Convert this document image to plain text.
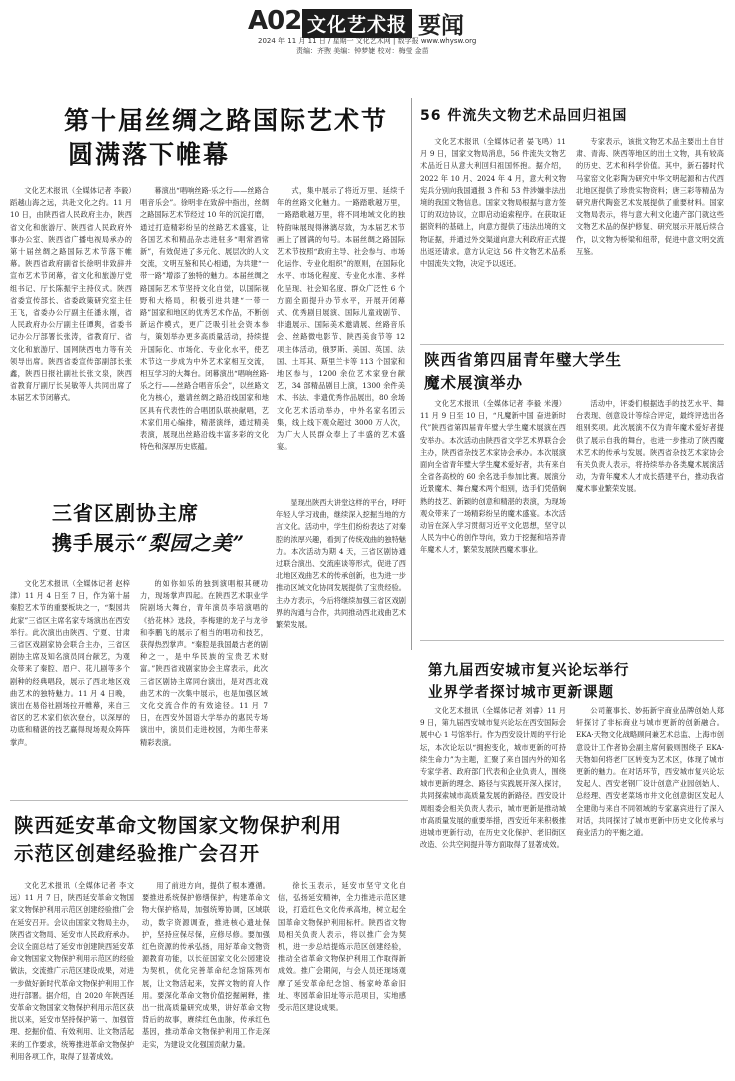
A02 文化艺术报 要闻
2024 年 11 月 11 日 / 星期一 文化艺术网 | 数字报 www.whysw.org
责编：齐煦 美编：钟梦婕 校对：梅莹 金苗
第十届丝绸之路国际艺术节
圆满落下帷幕

文化艺术报讯（全媒体记者 李毅）蹈越山海之远，共赴文化之约。11 月 10 日，由陕西省人民政府主办，陕西省文化和旅游厅、陕西省人民政府外事办公室、陕西省广播电视局承办的第十届丝绸之路国际艺术节落下帷幕。陕西省政府副省长徐明非致辞并宣布艺术节闭幕，省文化和旅游厅党组书记、厅长陈振宇主持仪式。陕西省委宣传部长、省委政策研究室主任王飞，省委办公厅副主任潘永刚，省人民政府办公厅副主任谭舆，省委书记办公厅部署长张涛，省教育厅、省文化和旅游厅、国网陕西电力等有关领导出席。陕西省委宣传部副部长张鑫，陕西日报社副社长张文泉，陕西省教育厅副厅长吴敏等人共同出席了本届艺术节闭幕式。

幕演出“唱响丝路·乐之行——丝路合唱音乐会”。徐明非在致辞中指出，丝绸之路国际艺术节经过 10 年的沉淀打磨，通过打造精彩纷呈的丝路艺术盛宴，让各国艺术和精品杂志进驻多“唱常酒常新”，有效促进了多元化、展层次的人文交流，文明互鉴和民心相通，为共建“一带一路”增添了独特的魅力。本届丝绸之路国际艺术节坚持文化自觉，以国际视野和大格局，积极引进共建“一带一路”国家和地区的优秀艺术作品，不断创新运作模式，更广泛吸引社会资本参与，策划举办更多高质量活动，持续提升国际化、市场化、专业化水平，使艺术节这一步成为中外艺术家相互交流，相互学习的大舞台。闭幕演出“唱响丝路·乐之行——丝路合唱音乐会”，以丝路文化为核心，邀请丝绸之路沿线国家和地区具有代表性的合唱团队联袂献唱，艺术家们用心编排，精湛演绎，通过精美表演，展现出丝路沿线丰富多彩的文化特色和深厚历史底蕴。

式，集中展示了将近万里、延续千年的丝路文化魅力。一路踏歌越万里，一路踏歌越万里，将不同地域文化的独特韵味展现得淋漓尽致，为本届艺术节画上了圆满的句号。本届丝绸之路国际艺术节按照“政府主导、社会参与、市场化运作、专业化组织”的原则，在国际化水平、市场化程度、专业化水准、多样化呈现、社会知名度、群众广泛性 6 个方面全面提升办节水平，开展开闭幕式、优秀剧目展演、国际儿童戏剧节、非遗展示、国际美术邀请展、丝路音乐会、丝路微电影节、陕西美食节等 12 项主体活动，俄罗斯、美国、英国、法国、土耳其、斯里兰卡等 113 个国家和地区参与，1200 余位艺术家登台献艺，34 部精品剧目上演，1300 余件美术、书法、非遗优秀作品展出，80 余场文化艺术活动举办，中外名家名团云集，线上线下观众超过 3000 万人次，为广大人民群众奉上了丰盛的艺术盛宴。

56 件流失文物艺术品回归祖国

文化艺术报讯（全媒体记者 晏飞鸣）11 月 9 日，国家文物局消息，56 件流失文物艺术品近日从意大利回归祖国怀抱。据介绍，2022 年 10 月、2024 年 4 月，意大利文物宪兵分别向我国通报 3 件和 53 件涉嫌非法出境的我国文物信息。国家文物局根据与意方签订的双边协议，立即启动追索程序。在获取证据资料的基础上，向意方提供了违法出境的文物证据，并通过外交渠道向意大利政府正式提出返还请求。意方认定这 56 件文物艺术品系中国流失文物，决定予以返还。

专家表示，该批文物艺术品主要出土自甘肃、青海、陕西等地区的出土文物，具有较高的历史、艺术和科学价值。其中，新石器时代马家窑文化彩陶为研究中华文明起源和古代西北地区提供了珍贵实物资料；唐三彩等精品为研究唐代陶瓷艺术发展提供了重要材料。国家文物局表示，将与意大利文化遗产部门就这些文物艺术品的保护修复、研究展示开展后续合作，以文物为桥梁和纽带，促进中意文明交流互鉴。

陕西省第四届青年璧大学生
魔术展演举办

文化艺术报讯（全媒体记者 李毅 米漫）11 月 9 日至 10 日，“凡魔新中国 奋进新时代”陕西省第四届青年璧大学生魔术展演在西安举办。本次活动由陕西省文学艺术界联合会主办，陕西省杂技艺术家协会承办。本次展演面向全省青年璧大学生魔术爱好者，共有来自全省各高校的 60 余名选手参加比赛。展演分近景魔术、舞台魔术两个组别，选手们凭借娴熟的技艺、新颖的创意和精湛的表演，为现场观众带来了一场精彩纷呈的魔术盛宴。本次活动旨在深入学习贯彻习近平文化思想，坚守以人民为中心的创作导向，致力于挖掘和培养青年魔术人才，繁荣发展陕西魔术事业。

活动中，评委们根据选手的技艺水平、舞台表现、创意设计等综合评定，最终评选出各组别奖项。此次展演不仅为青年魔术爱好者提供了展示自我的舞台，也进一步推动了陕西魔术艺术的传承与发展。陕西省杂技艺术家协会有关负责人表示，将持续举办各类魔术展演活动，为青年魔术人才成长搭建平台，推动我省魔术事业繁荣发展。

三省区剧协主席
携手展示“梨园之美”

文化艺术报讯（全媒体记者 赵梓津）11 月 4 日至 7 日，作为第十届秦腔艺术节的重要板块之一，“梨园共此家”三省区主席名家专场演出在西安举行。此次演出由陕西、宁夏、甘肃三省区戏剧家协会联合主办，三省区剧协主席及知名演员同台献艺，为观众带来了秦腔、眉户、花儿剧等多个剧种的经典唱段，展示了西北地区戏曲艺术的独特魅力。11 月 4 日晚，演出在易俗社剧场拉开帷幕，来自三省区的艺术家们依次登台，以深厚的功底和精湛的技艺赢得现场观众阵阵掌声。

的如你如乐的独到演唱根其硬功力，现场掌声四起。在陕西艺术职业学院剧场大舞台，青年演员李培演唱的《拾花林》选段，李梅建的龙子与龙爷和李鹏飞的展示了相当的唱功和技艺，获得热烈掌声。“秦腔是我国最古老的剧种之一，是中华民族的宝贵艺术财富。”陕西省戏剧家协会主席表示，此次三省区剧协主席同台演出，是对西北戏曲艺术的一次集中展示，也是加强区域文化交流合作的有效途径。11 月 7 日，在西安外国语大学举办的惠民专场演出中，演员们走进校园，为师生带来精彩表演。

显现出陕西大讲堂这样的平台，呼吁年轻人学习戏曲，继续深入挖掘当地的方言文化。活动中，学生们纷纷表达了对秦腔的浓厚兴趣，看到了传统戏曲的独特魅力。本次活动为期 4 天，三省区剧协通过联合演出、交流座谈等形式，促进了西北地区戏曲艺术的传承创新，也为进一步推动区域文化协同发展提供了宝贵经验。主办方表示，今后将继续加强三省区戏剧界的沟通与合作，共同推动西北戏曲艺术繁荣发展。

第九届西安城市复兴论坛举行
业界学者探讨城市更新课题

文化艺术报讯（全媒体记者 刘睿）11 月 9 日，第九届西安城市复兴论坛在西安国际会展中心 1 号馆举行。作为西安设计周的平行论坛，本次论坛以“拥抱变化，城市更新的可持续生命力”为主题，汇聚了来自国内外的知名专家学者、政府部门代表和企业负责人，围绕城市更新的理念、路径与实践展开深入探讨，共同探索城市高质量发展的新路径。西安设计周组委会相关负责人表示，城市更新是推动城市高质量发展的重要举措，西安近年来积极推进城市更新行动，在历史文化保护、老旧街区改造、公共空间提升等方面取得了显著成效。

公司董事长、妙拓新宇商业品牌创始人郑轩探讨了非标商业与城市更新的创新融合。EKA·天物文化战略顾问兼艺术总监、上海市创意设计工作者协会副主席何毅则围绕子 EKA·天物如何将老厂区转变为艺术区，体现了城市更新的魅力。在对话环节，西安城市复兴论坛发起人、西安老钢厂设计创意产业园创始人、总经理、西安老菜场市井文化创意街区发起人全建勋与来自不同领域的专家嘉宾进行了深入对话，共同探讨了城市更新中历史文化传承与商业活力的平衡之道。

陕西延安革命文物国家文物保护利用
示范区创建经验推广会召开

文化艺术报讯（全媒体记者 李文远）11 月 7 日，陕西延安革命文物国家文物保护利用示范区创建经验推广会在延安召开。会议由国家文物局主办，陕西省文物局、延安市人民政府承办。会议全面总结了延安市创建陕西延安革命文物国家文物保护利用示范区的经验做法，交流推广示范区建设成果，对进一步做好新时代革命文物保护利用工作进行部署。据介绍，自 2020 年陕西延安革命文物国家文物保护利用示范区获批以来，延安市坚持保护第一、加强管理、挖掘价值、有效利用、让文物活起来的工作要求，统筹推进革命文物保护利用各项工作，取得了显著成效。

用了前进方向，提供了根本遵循。要推进系统保护修缮保护，构建革命文物大保护格局，加强统筹协调，区域联动，数字资源调查，推进核心遗址保护，坚持应保尽保，应修尽修。要加强红色资源的传承弘扬，用好革命文物资源教育功能，以长征国家文化公园建设为契机，优化完善革命纪念馆陈列布展，让文物活起来，发挥文物的育人作用。要深化革命文物价值挖掘阐释，推出一批高质量研究成果，讲好革命文物背后的故事，赓续红色血脉，传承红色基因，推动革命文物保护利用工作走深走实，为建设文化强国贡献力量。

徐长玉表示，延安市坚守文化自信，弘扬延安精神，全力推进示范区建设，打造红色文化传承高地，树立起全国革命文物保护利用标杆。陕西省文物局相关负责人表示，将以推广会为契机，进一步总结提炼示范区创建经验，推动全省革命文物保护利用工作取得新成效。推广会期间，与会人员还现场观摩了延安革命纪念馆、杨家岭革命旧址、枣园革命旧址等示范项目，实地感受示范区建设成果。
